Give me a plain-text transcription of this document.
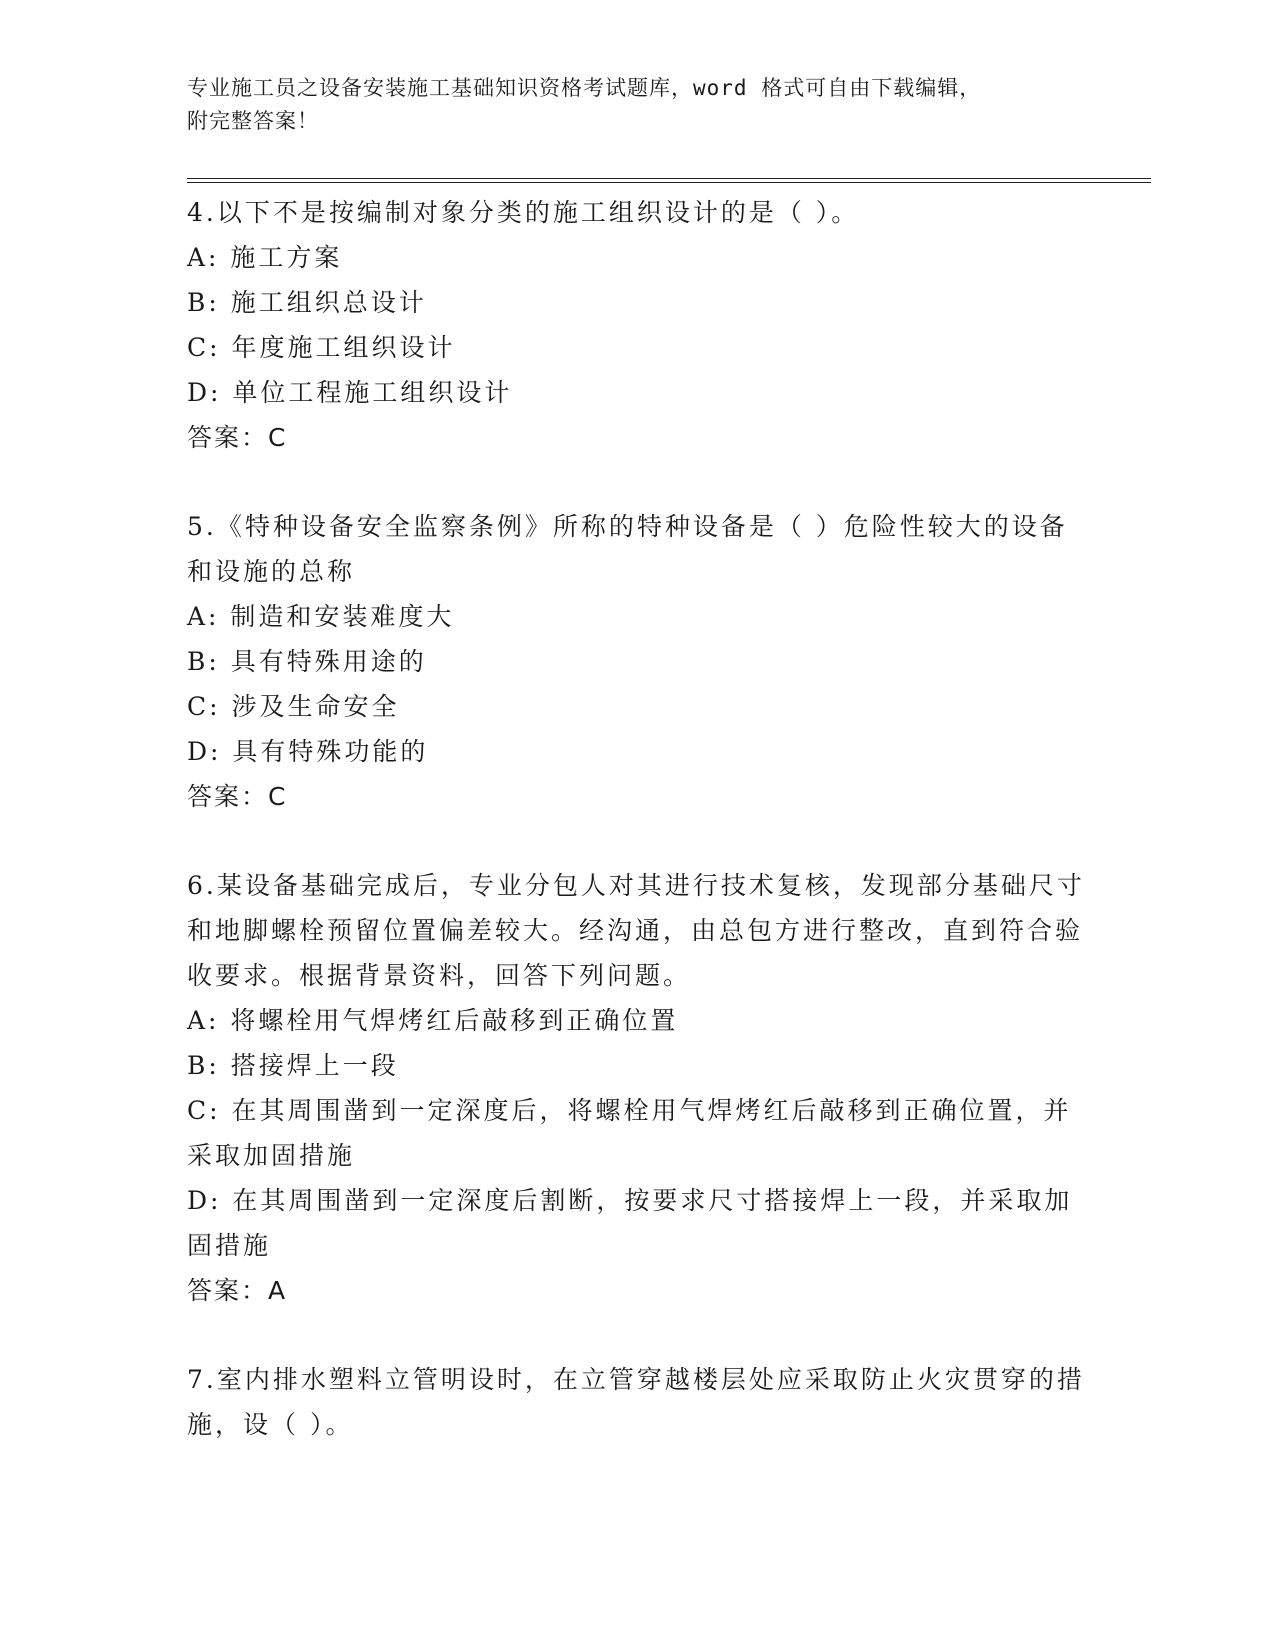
专业施工员之设备安装施工基础知识资格考试题库，word 格式可自由下载编辑，
附完整答案！
4.以下不是按编制对象分类的施工组织设计的是（ ）。
A: 施工方案
B: 施工组织总设计
C: 年度施工组织设计
D: 单位工程施工组织设计
答案：C
5.《特种设备安全监察条例》所称的特种设备是（ ）危险性较大的设备和设施的总称
A: 制造和安装难度大
B: 具有特殊用途的
C: 涉及生命安全
D: 具有特殊功能的
答案：C
6.某设备基础完成后，专业分包人对其进行技术复核，发现部分基础尺寸和地脚螺栓预留位置偏差较大。经沟通，由总包方进行整改，直到符合验收要求。根据背景资料，回答下列问题。
A: 将螺栓用气焊烤红后敲移到正确位置
B: 搭接焊上一段
C: 在其周围凿到一定深度后，将螺栓用气焊烤红后敲移到正确位置，并采取加固措施
D: 在其周围凿到一定深度后割断，按要求尺寸搭接焊上一段，并采取加固措施
答案：A
7.室内排水塑料立管明设时，在立管穿越楼层处应采取防止火灾贯穿的措施，设（ ）。
